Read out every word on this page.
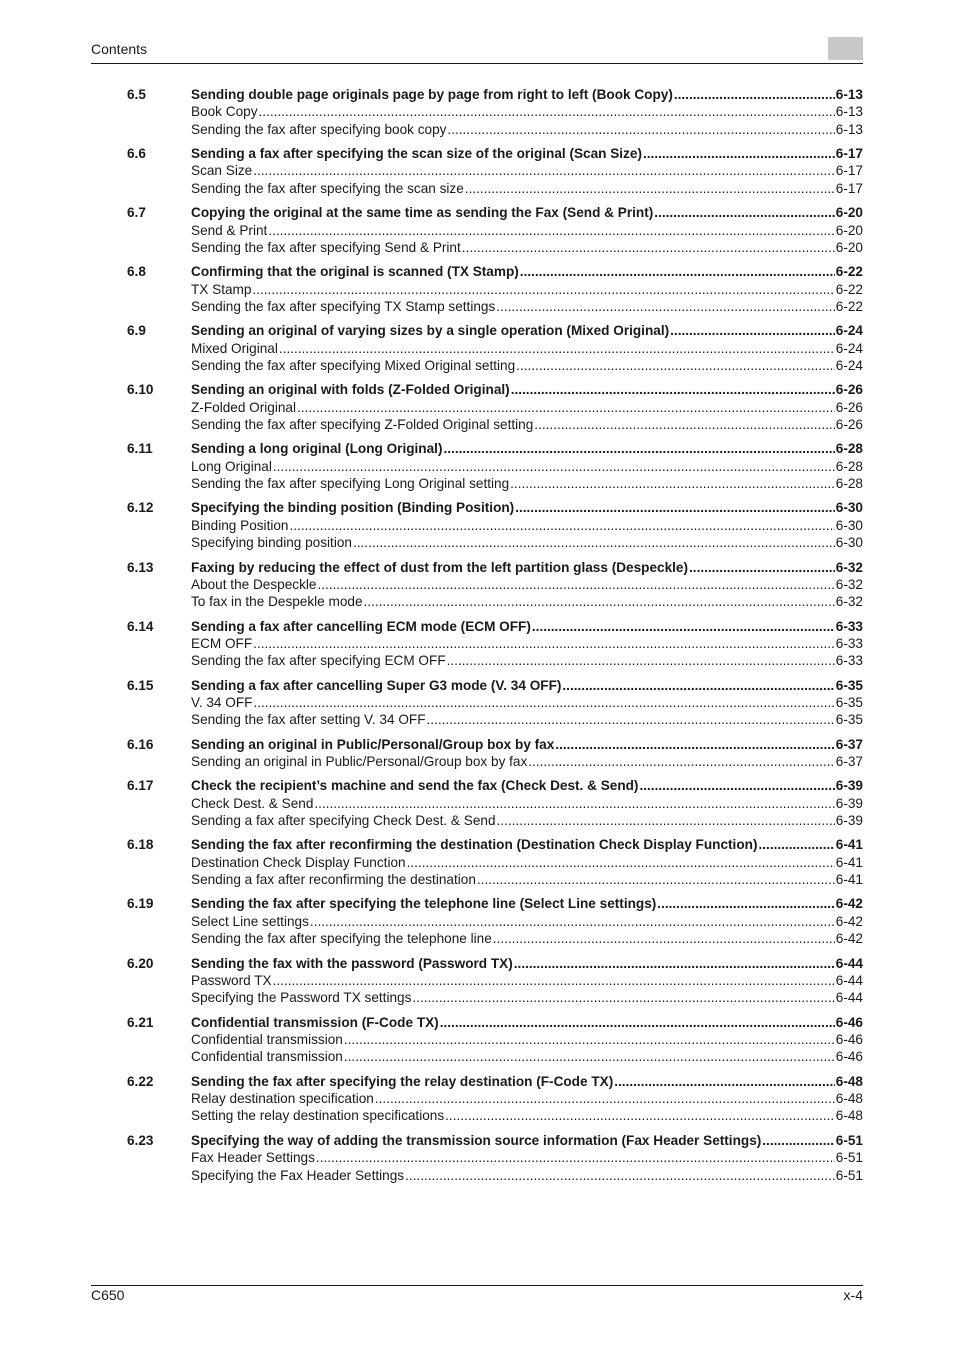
Contents
6.5	Sending double page originals page by page from right to left (Book Copy) .....	6-13
Book Copy .....	6-13
Sending the fax after specifying book copy .....	6-13
6.6	Sending a fax after specifying the scan size of the original (Scan Size) .....	6-17
Scan Size .....	6-17
Sending the fax after specifying the scan size .....	6-17
6.7	Copying the original at the same time as sending the Fax (Send & Print) .....	6-20
Send & Print .....	6-20
Sending the fax after specifying Send & Print .....	6-20
6.8	Confirming that the original is scanned (TX Stamp) .....	6-22
TX Stamp .....	6-22
Sending the fax after specifying TX Stamp settings .....	6-22
6.9	Sending an original of varying sizes by a single operation (Mixed Original) .....	6-24
Mixed Original .....	6-24
Sending the fax after specifying Mixed Original setting .....	6-24
6.10	Sending an original with folds (Z-Folded Original) .....	6-26
Z-Folded Original .....	6-26
Sending the fax after specifying Z-Folded Original setting .....	6-26
6.11	Sending a long original (Long Original) .....	6-28
Long Original .....	6-28
Sending the fax after specifying Long Original setting .....	6-28
6.12	Specifying the binding position (Binding Position) .....	6-30
Binding Position .....	6-30
Specifying binding position .....	6-30
6.13	Faxing by reducing the effect of dust from the left partition glass (Despeckle) .....	6-32
About the Despeckle .....	6-32
To fax in the Despekle mode .....	6-32
6.14	Sending a fax after cancelling ECM mode (ECM OFF) .....	6-33
ECM OFF .....	6-33
Sending the fax after specifying ECM OFF .....	6-33
6.15	Sending a fax after cancelling Super G3 mode (V. 34 OFF) .....	6-35
V. 34 OFF .....	6-35
Sending the fax after setting V. 34 OFF .....	6-35
6.16	Sending an original in Public/Personal/Group box by fax .....	6-37
Sending an original in Public/Personal/Group box by fax .....	6-37
6.17	Check the recipient’s machine and send the fax (Check Dest. & Send) .....	6-39
Check Dest. & Send .....	6-39
Sending a fax after specifying Check Dest. & Send .....	6-39
6.18	Sending the fax after reconfirming the destination (Destination Check Display Function) .....	6-41
Destination Check Display Function .....	6-41
Sending a fax after reconfirming the destination .....	6-41
6.19	Sending the fax after specifying the telephone line (Select Line settings) .....	6-42
Select Line settings .....	6-42
Sending the fax after specifying the telephone line .....	6-42
6.20	Sending the fax with the password (Password TX) .....	6-44
Password TX .....	6-44
Specifying the Password TX settings .....	6-44
6.21	Confidential transmission (F-Code TX) .....	6-46
Confidential transmission .....	6-46
Confidential transmission .....	6-46
6.22	Sending the fax after specifying the relay destination (F-Code TX) .....	6-48
Relay destination specification .....	6-48
Setting the relay destination specifications .....	6-48
6.23	Specifying the way of adding the transmission source information (Fax Header Settings) .....	6-51
Fax Header Settings .....	6-51
Specifying the Fax Header Settings .....	6-51
C650	x-4
